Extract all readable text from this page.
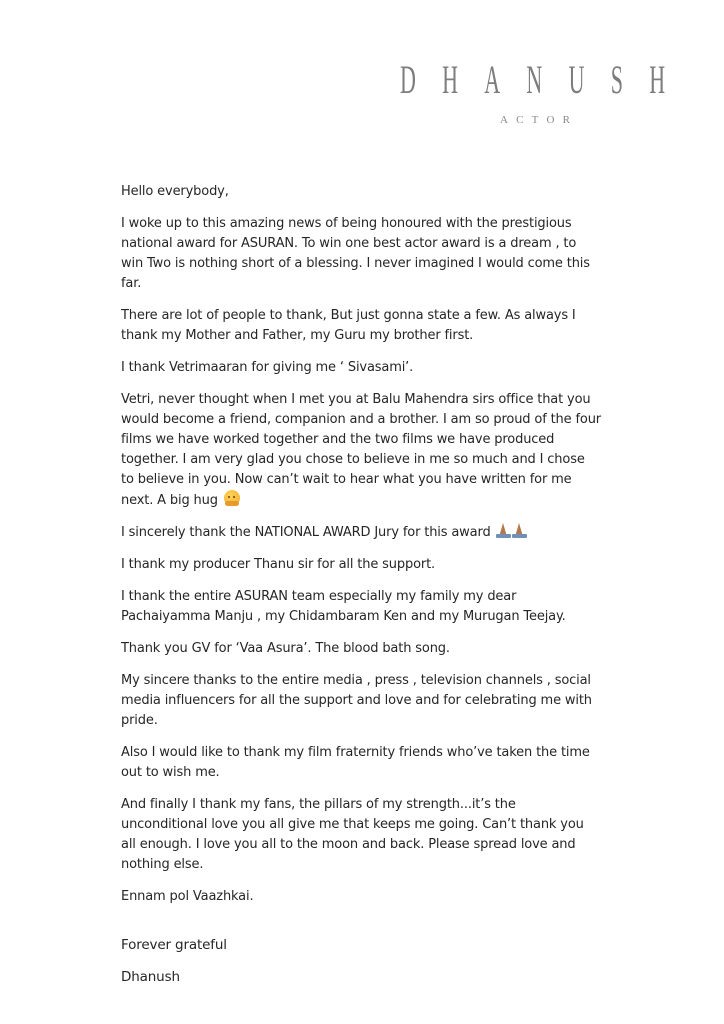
D H A N U S H
A C T O R

Hello everybody,

I woke up to this amazing news of being honoured with the prestigious national award for ASURAN. To win one best actor award is a dream , to win Two is nothing short of a blessing. I never imagined I would come this far.

There are lot of people to thank, But just gonna state a few. As always I thank my Mother and Father, my Guru my brother first.

I thank Vetrimaaran for giving me ‘ Sivasami’.

Vetri, never thought when I met you at Balu Mahendra sirs office that you would become a friend, companion and a brother. I am so proud of the four films we have worked together and the two films we have produced together. I am very glad you chose to believe in me so much and I chose to believe in you. Now can’t wait to hear what you have written for me next. A big hug

I sincerely thank the NATIONAL AWARD Jury for this award

I thank my producer Thanu sir for all the support.

I thank the entire ASURAN team especially my family my dear Pachaiyamma Manju , my Chidambaram Ken and my Murugan Teejay.

Thank you GV for ‘Vaa Asura’. The blood bath song.

My sincere thanks to the entire media , press , television channels , social media influencers for all the support and love and for celebrating me with pride.

Also I would like to thank my film fraternity friends who’ve taken the time out to wish me.

And finally I thank my fans, the pillars of my strength...it’s the unconditional love you all give me that keeps me going. Can’t thank you all enough. I love you all to the moon and back. Please spread love and nothing else.

Ennam pol Vaazhkai.

Forever grateful

Dhanush
